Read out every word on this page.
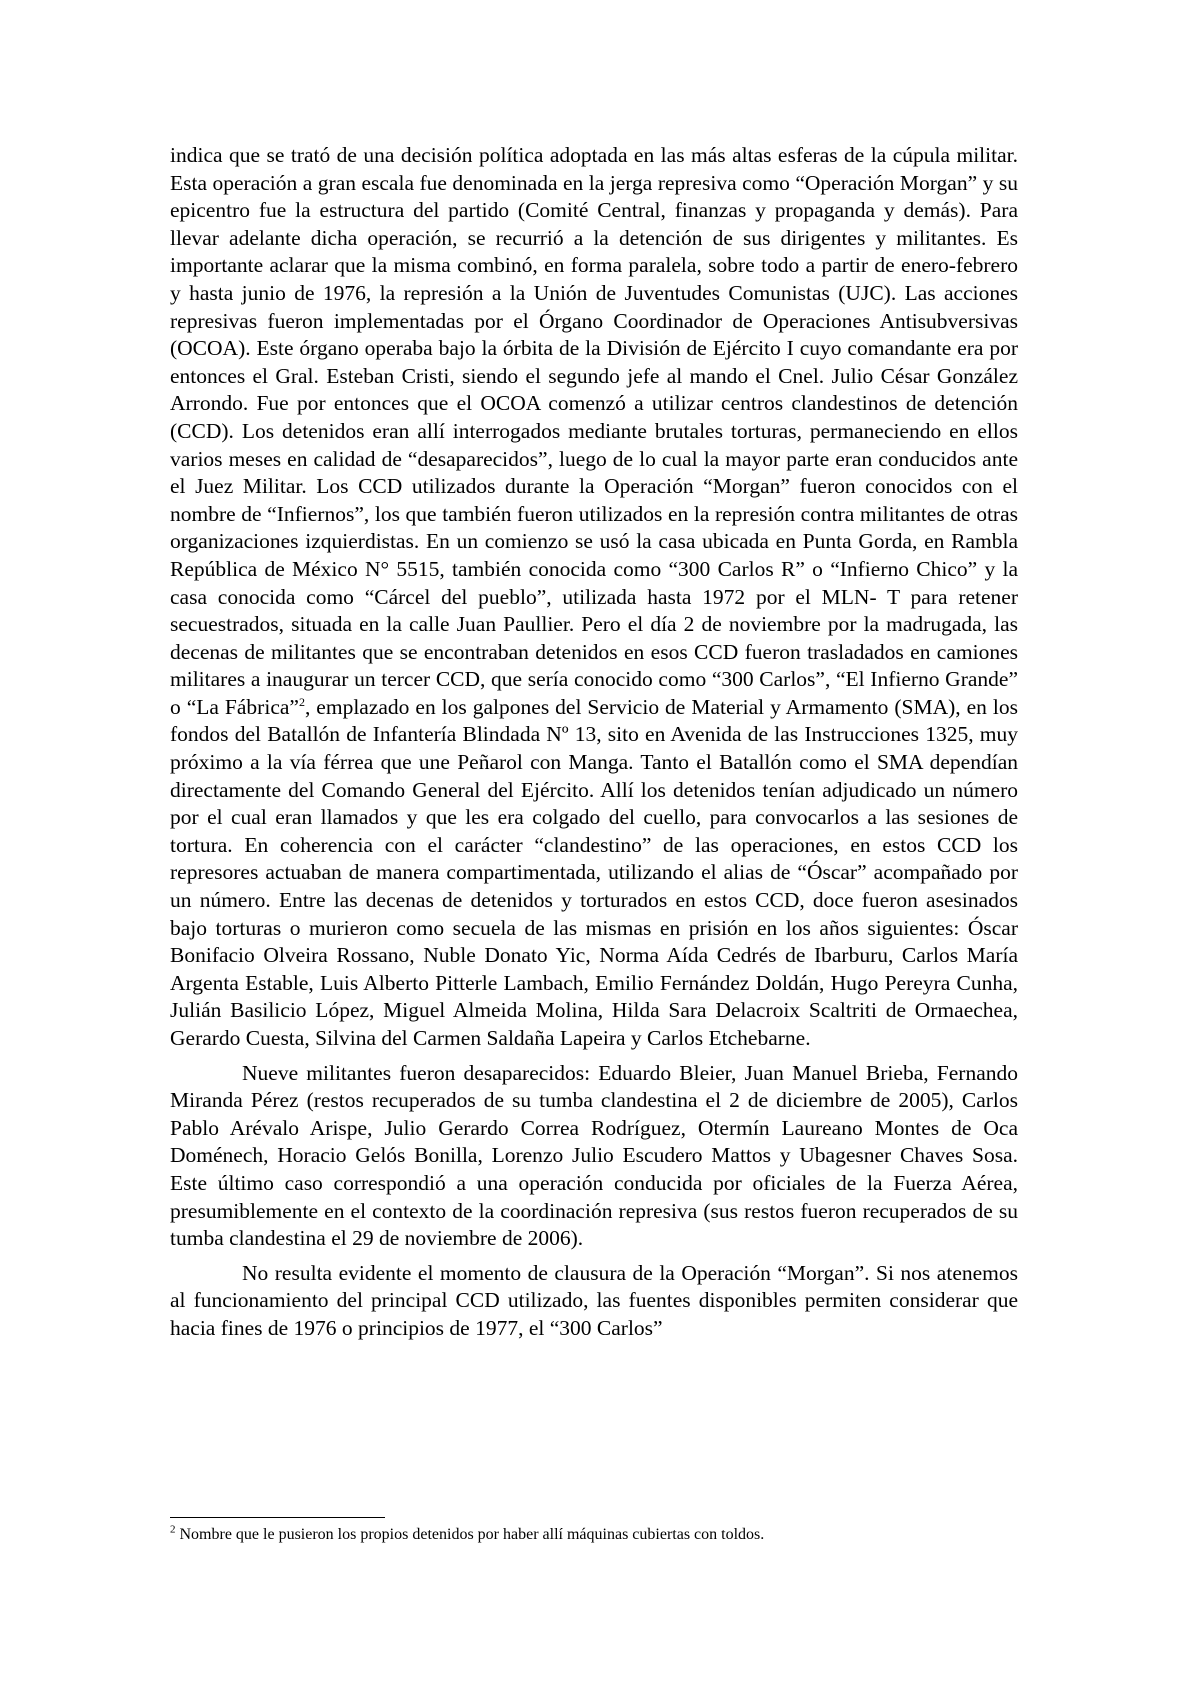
indica que se trató de una decisión política adoptada en las más altas esferas de la cúpula militar. Esta operación a gran escala fue denominada en la jerga represiva como “Operación Morgan” y su epicentro fue la estructura del partido (Comité Central, finanzas y propaganda y demás). Para llevar adelante dicha operación, se recurrió a la detención de sus dirigentes y militantes. Es importante aclarar que la misma combinó, en forma paralela, sobre todo a partir de enero-febrero y hasta junio de 1976, la represión a la Unión de Juventudes Comunistas (UJC). Las acciones represivas fueron implementadas por el Órgano Coordinador de Operaciones Antisubversivas (OCOA). Este órgano operaba bajo la órbita de la División de Ejército I cuyo comandante era por entonces el Gral. Esteban Cristi, siendo el segundo jefe al mando el Cnel. Julio César González Arrondo. Fue por entonces que el OCOA comenzó a utilizar centros clandestinos de detención (CCD). Los detenidos eran allí interrogados mediante brutales torturas, permaneciendo en ellos varios meses en calidad de “desaparecidos”, luego de lo cual la mayor parte eran conducidos ante el Juez Militar. Los CCD utilizados durante la Operación “Morgan” fueron conocidos con el nombre de “Infiernos”, los que también fueron utilizados en la represión contra militantes de otras organizaciones izquierdistas. En un comienzo se usó la casa ubicada en Punta Gorda, en Rambla República de México N° 5515, también conocida como “300 Carlos R” o “Infierno Chico” y la casa conocida como “Cárcel del pueblo”, utilizada hasta 1972 por el MLN- T para retener secuestrados, situada en la calle Juan Paullier. Pero el día 2 de noviembre por la madrugada, las decenas de militantes que se encontraban detenidos en esos CCD fueron trasladados en camiones militares a inaugurar un tercer CCD, que sería conocido como “300 Carlos”, “El Infierno Grande” o “La Fábrica”$^2$, emplazado en los galpones del Servicio de Material y Armamento (SMA), en los fondos del Batallón de Infantería Blindada Nº 13, sito en Avenida de las Instrucciones 1325, muy próximo a la vía férrea que une Peñarol con Manga. Tanto el Batallón como el SMA dependían directamente del Comando General del Ejército. Allí los detenidos tenían adjudicado un número por el cual eran llamados y que les era colgado del cuello, para convocarlos a las sesiones de tortura. En coherencia con el carácter “clandestino” de las operaciones, en estos CCD los represores actuaban de manera compartimentada, utilizando el alias de “Óscar” acompañado por un número. Entre las decenas de detenidos y torturados en estos CCD, doce fueron asesinados bajo torturas o murieron como secuela de las mismas en prisión en los años siguientes: Óscar Bonifacio Olveira Rossano, Nuble Donato Yic, Norma Aída Cedrés de Ibarburu, Carlos María Argenta Estable, Luis Alberto Pitterle Lambach, Emilio Fernández Doldán, Hugo Pereyra Cunha, Julián Basilicio López, Miguel Almeida Molina, Hilda Sara Delacroix Scaltriti de Ormaechea, Gerardo Cuesta, Silvina del Carmen Saldaña Lapeira y Carlos Etchebarne.

Nueve militantes fueron desaparecidos: Eduardo Bleier, Juan Manuel Brieba, Fernando Miranda Pérez (restos recuperados de su tumba clandestina el 2 de diciembre de 2005), Carlos Pablo Arévalo Arispe, Julio Gerardo Correa Rodríguez, Otermín Laureano Montes de Oca Doménech, Horacio Gelós Bonilla, Lorenzo Julio Escudero Mattos y Ubagesner Chaves Sosa. Este último caso correspondió a una operación conducida por oficiales de la Fuerza Aérea, presumiblemente en el contexto de la coordinación represiva (sus restos fueron recuperados de su tumba clandestina el 29 de noviembre de 2006).

No resulta evidente el momento de clausura de la Operación “Morgan”. Si nos atenemos al funcionamiento del principal CCD utilizado, las fuentes disponibles permiten considerar que hacia fines de 1976 o principios de 1977, el “300 Carlos”

$^2$ Nombre que le pusieron los propios detenidos por haber allí máquinas cubiertas con toldos.
